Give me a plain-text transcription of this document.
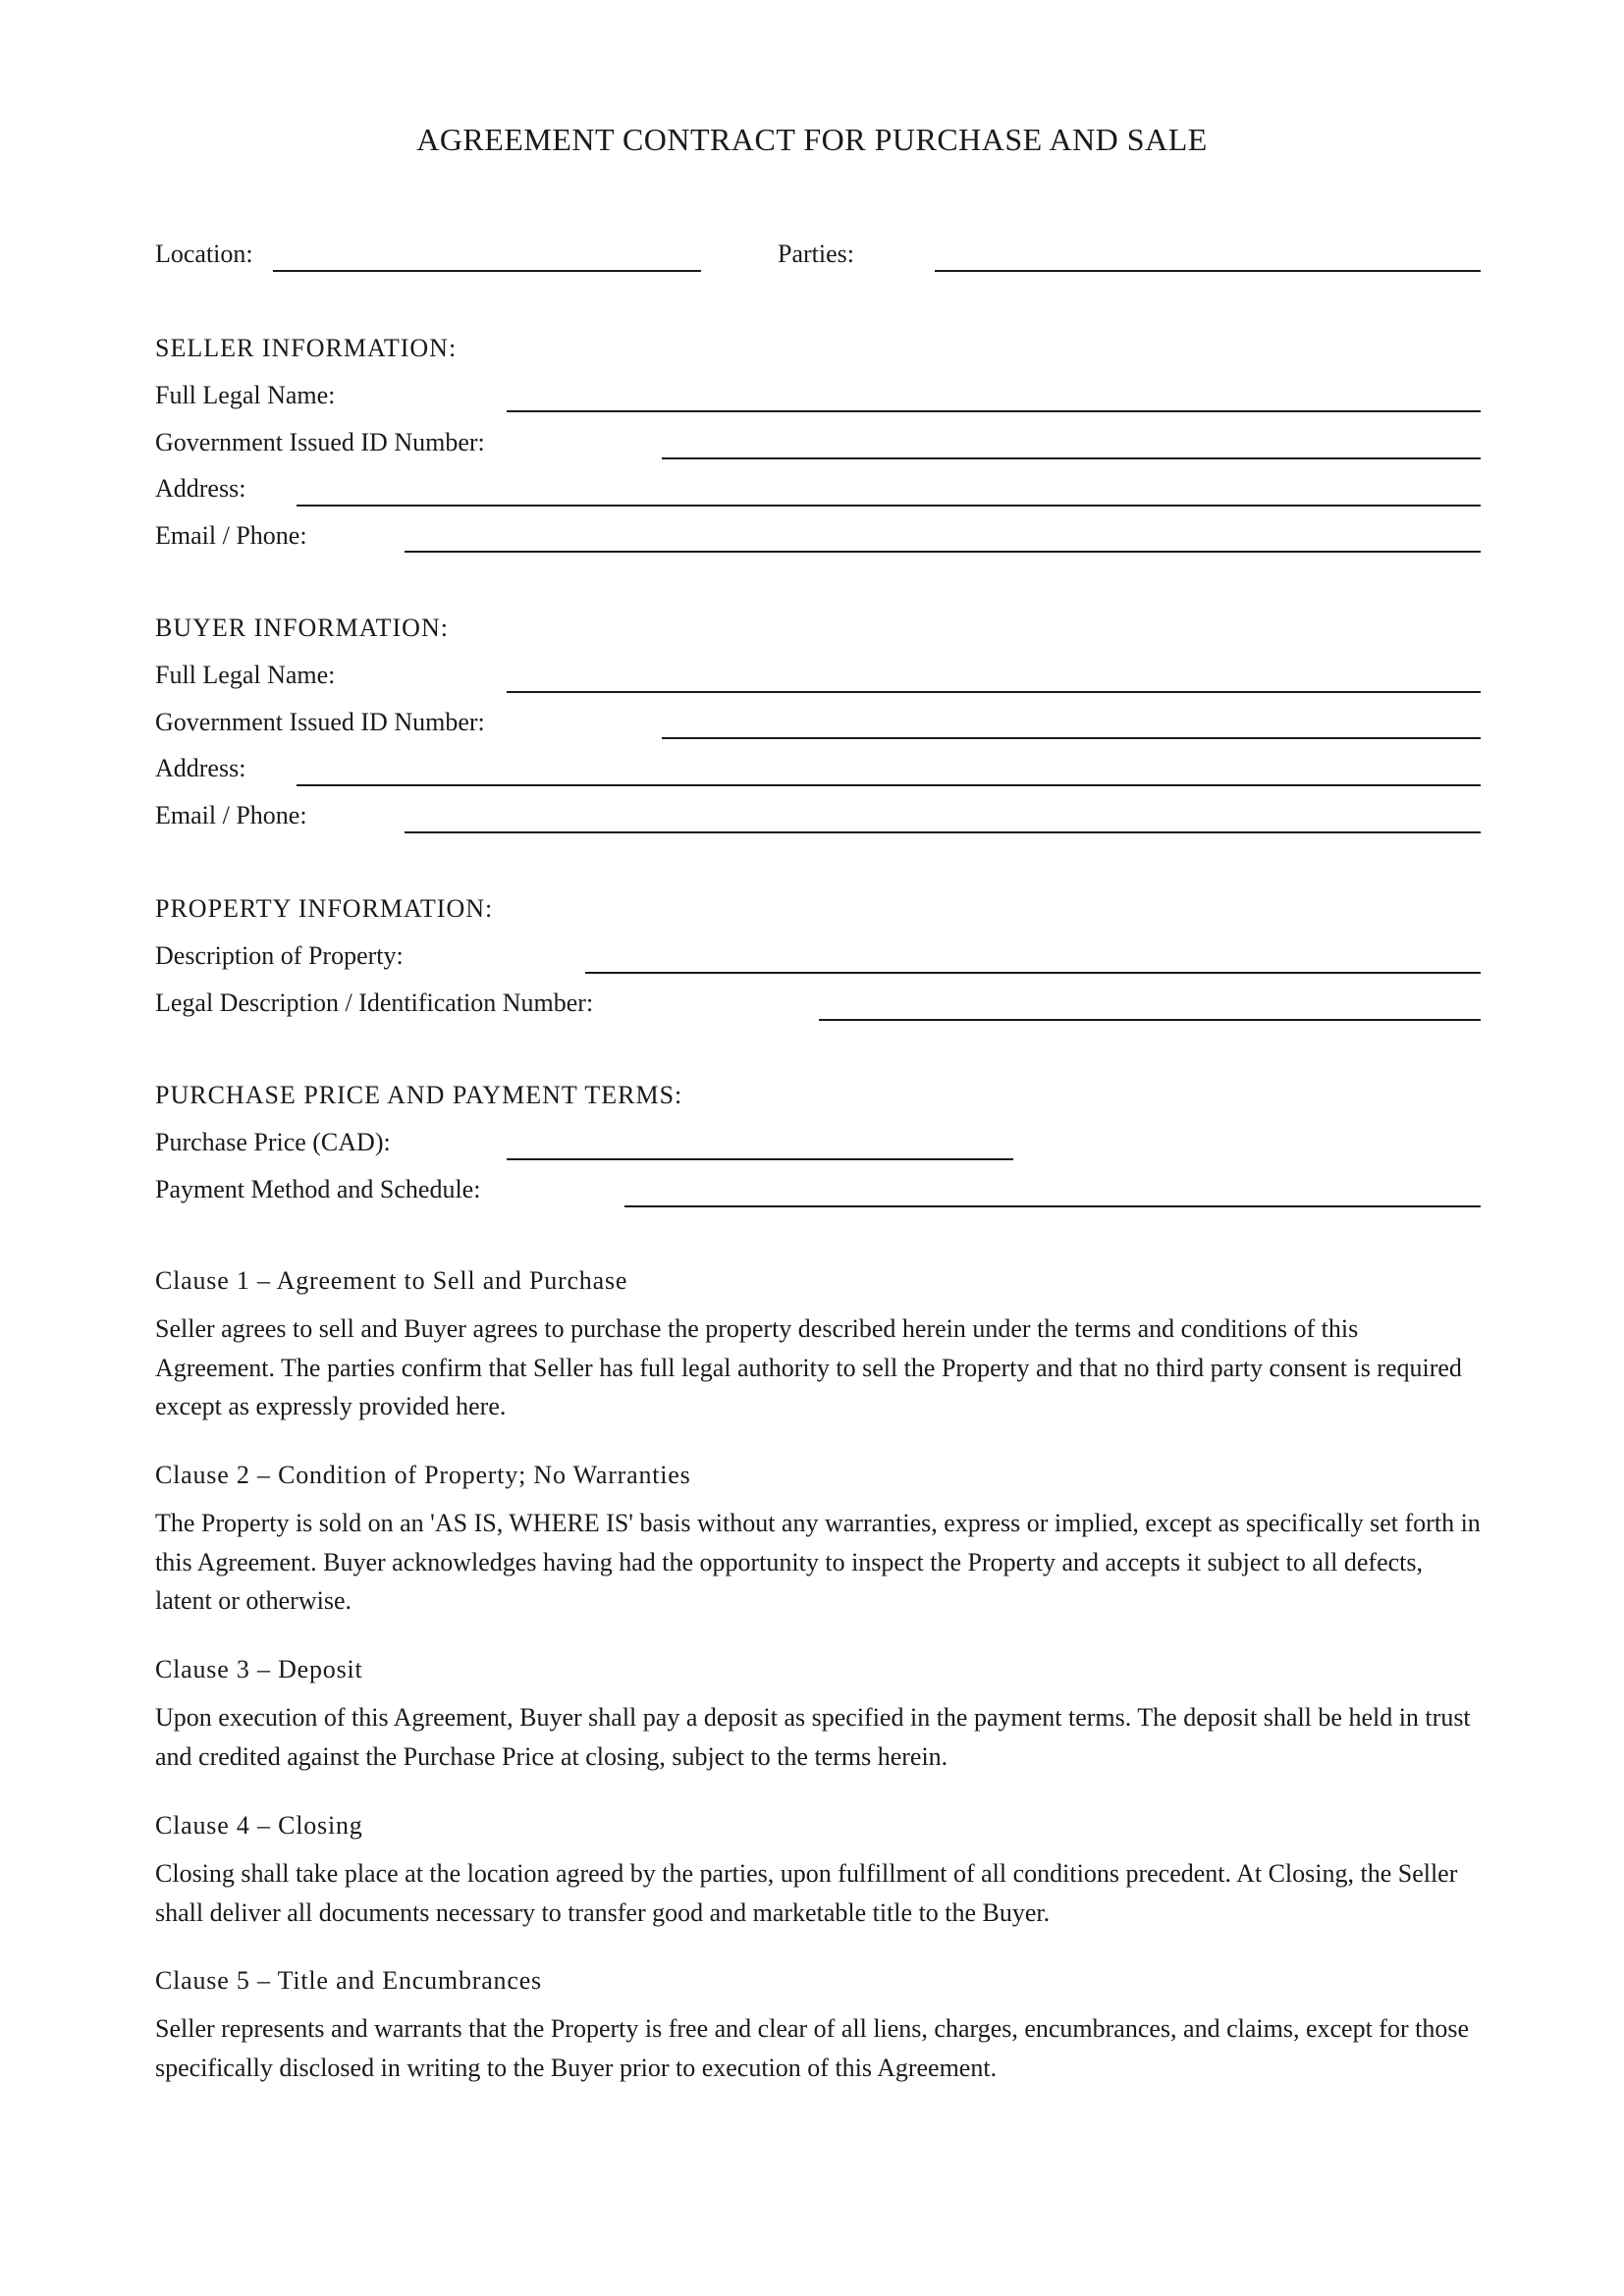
AGREEMENT CONTRACT FOR PURCHASE AND SALE
Location:	Parties:
SELLER INFORMATION:
Full Legal Name:
Government Issued ID Number:
Address:
Email / Phone:
BUYER INFORMATION:
Full Legal Name:
Government Issued ID Number:
Address:
Email / Phone:
PROPERTY INFORMATION:
Description of Property:
Legal Description / Identification Number:
PURCHASE PRICE AND PAYMENT TERMS:
Purchase Price (CAD):
Payment Method and Schedule:
Clause 1 – Agreement to Sell and Purchase
Seller agrees to sell and Buyer agrees to purchase the property described herein under the terms and conditions of this Agreement. The parties confirm that Seller has full legal authority to sell the Property and that no third party consent is required except as expressly provided here.
Clause 2 – Condition of Property; No Warranties
The Property is sold on an 'AS IS, WHERE IS' basis without any warranties, express or implied, except as specifically set forth in this Agreement. Buyer acknowledges having had the opportunity to inspect the Property and accepts it subject to all defects, latent or otherwise.
Clause 3 – Deposit
Upon execution of this Agreement, Buyer shall pay a deposit as specified in the payment terms. The deposit shall be held in trust and credited against the Purchase Price at closing, subject to the terms herein.
Clause 4 – Closing
Closing shall take place at the location agreed by the parties, upon fulfillment of all conditions precedent. At Closing, the Seller shall deliver all documents necessary to transfer good and marketable title to the Buyer.
Clause 5 – Title and Encumbrances
Seller represents and warrants that the Property is free and clear of all liens, charges, encumbrances, and claims, except for those specifically disclosed in writing to the Buyer prior to execution of this Agreement.
